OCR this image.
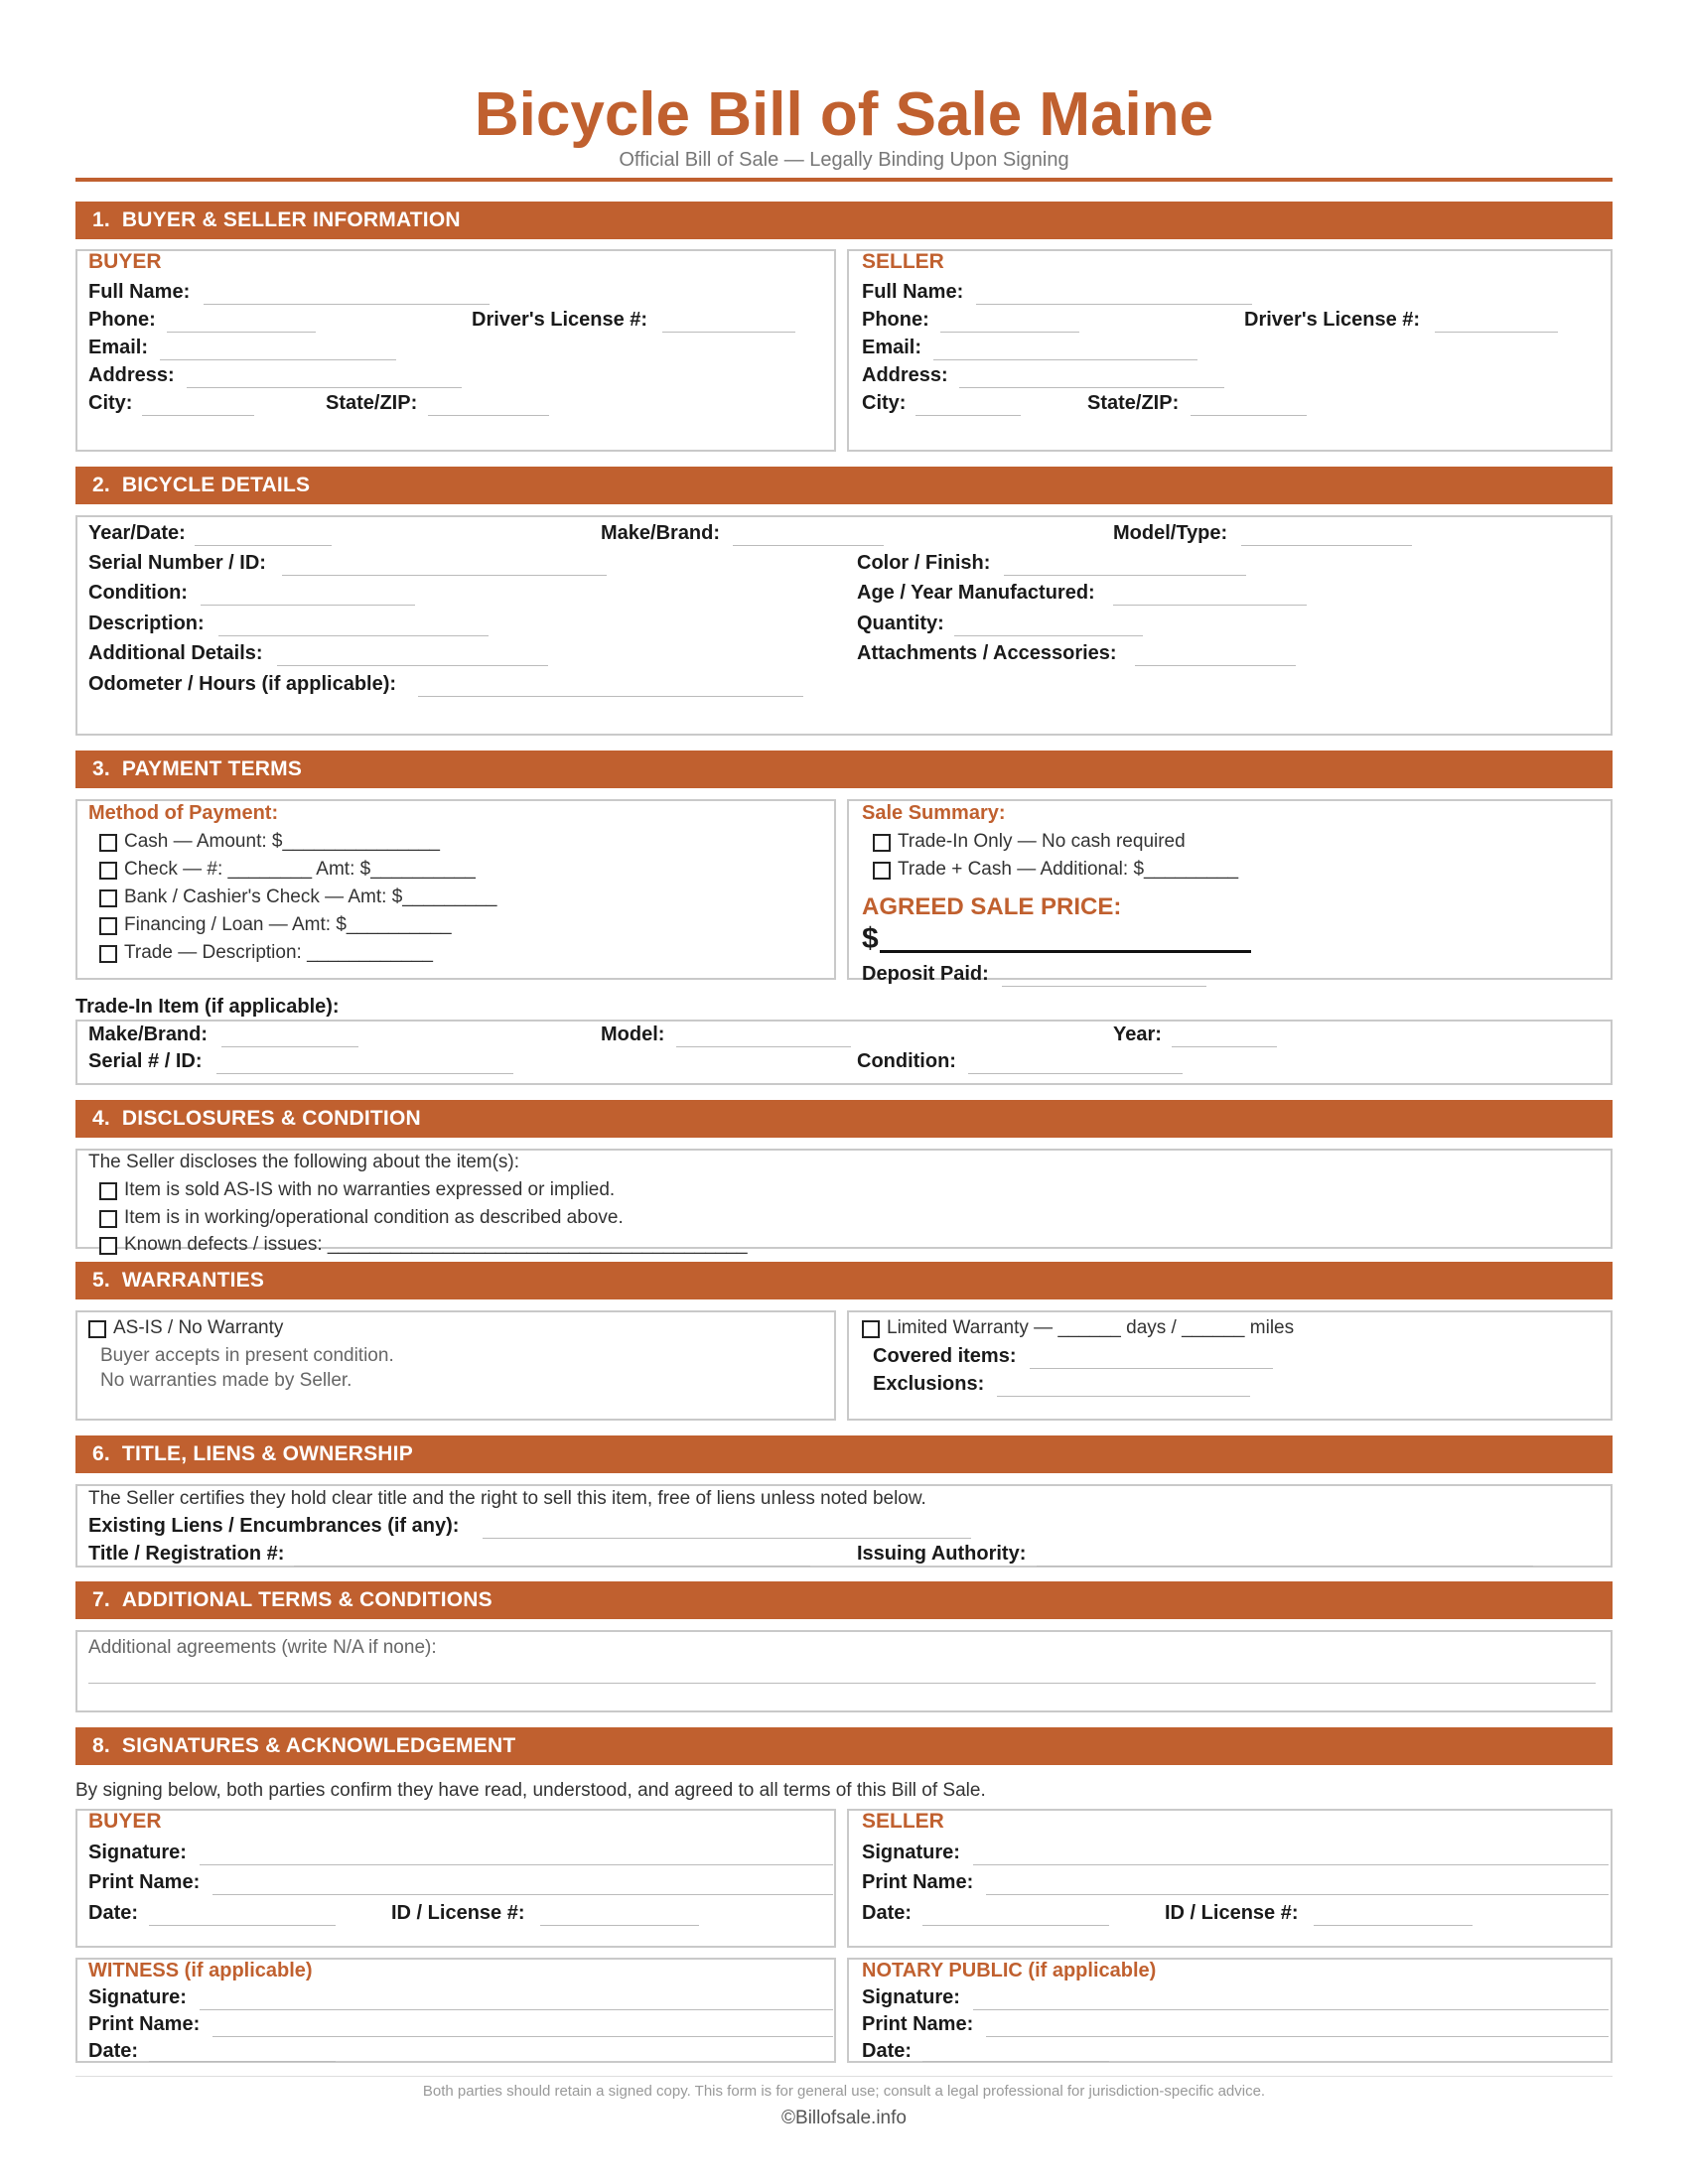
Bicycle Bill of Sale Maine
Official Bill of Sale — Legally Binding Upon Signing
1. BUYER & SELLER INFORMATION
BUYER
Full Name:
Phone:	Driver's License #:
Email:
Address:
City:	State/ZIP:
SELLER
Full Name:
Phone:	Driver's License #:
Email:
Address:
City:	State/ZIP:
2. BICYCLE DETAILS
Year/Date:	Make/Brand:	Model/Type:
Serial Number / ID:	Color / Finish:
Condition:	Age / Year Manufactured:
Description:	Quantity:
Additional Details:	Attachments / Accessories:
Odometer / Hours (if applicable):
3. PAYMENT TERMS
Method of Payment:
Cash — Amount: $_______________
Check — #: ________ Amt: $__________
Bank / Cashier's Check — Amt: $_________
Financing / Loan — Amt: $__________
Trade — Description: ____________
Sale Summary:
Trade-In Only — No cash required
Trade + Cash — Additional: $_________
AGREED SALE PRICE:
$
Deposit Paid:
Trade-In Item (if applicable):
Make/Brand:	Model:	Year:
Serial # / ID:	Condition:
4. DISCLOSURES & CONDITION
The Seller discloses the following about the item(s):
Item is sold AS-IS with no warranties expressed or implied.
Item is in working/operational condition as described above.
Known defects / issues: ________________________________________
5. WARRANTIES
AS-IS / No Warranty
Buyer accepts in present condition.
No warranties made by Seller.
Limited Warranty — ______ days / ______ miles
Covered items:
Exclusions:
6. TITLE, LIENS & OWNERSHIP
The Seller certifies they hold clear title and the right to sell this item, free of liens unless noted below.
Existing Liens / Encumbrances (if any):
Title / Registration #:	Issuing Authority:
7. ADDITIONAL TERMS & CONDITIONS
Additional agreements (write N/A if none):
8. SIGNATURES & ACKNOWLEDGEMENT
By signing below, both parties confirm they have read, understood, and agreed to all terms of this Bill of Sale.
BUYER
Signature:
Print Name:
Date:	ID / License #:
SELLER
Signature:
Print Name:
Date:	ID / License #:
WITNESS (if applicable)
Signature:
Print Name:
Date:
NOTARY PUBLIC (if applicable)
Signature:
Print Name:
Date:
Both parties should retain a signed copy. This form is for general use; consult a legal professional for jurisdiction-specific advice.
©Billofsale.info
